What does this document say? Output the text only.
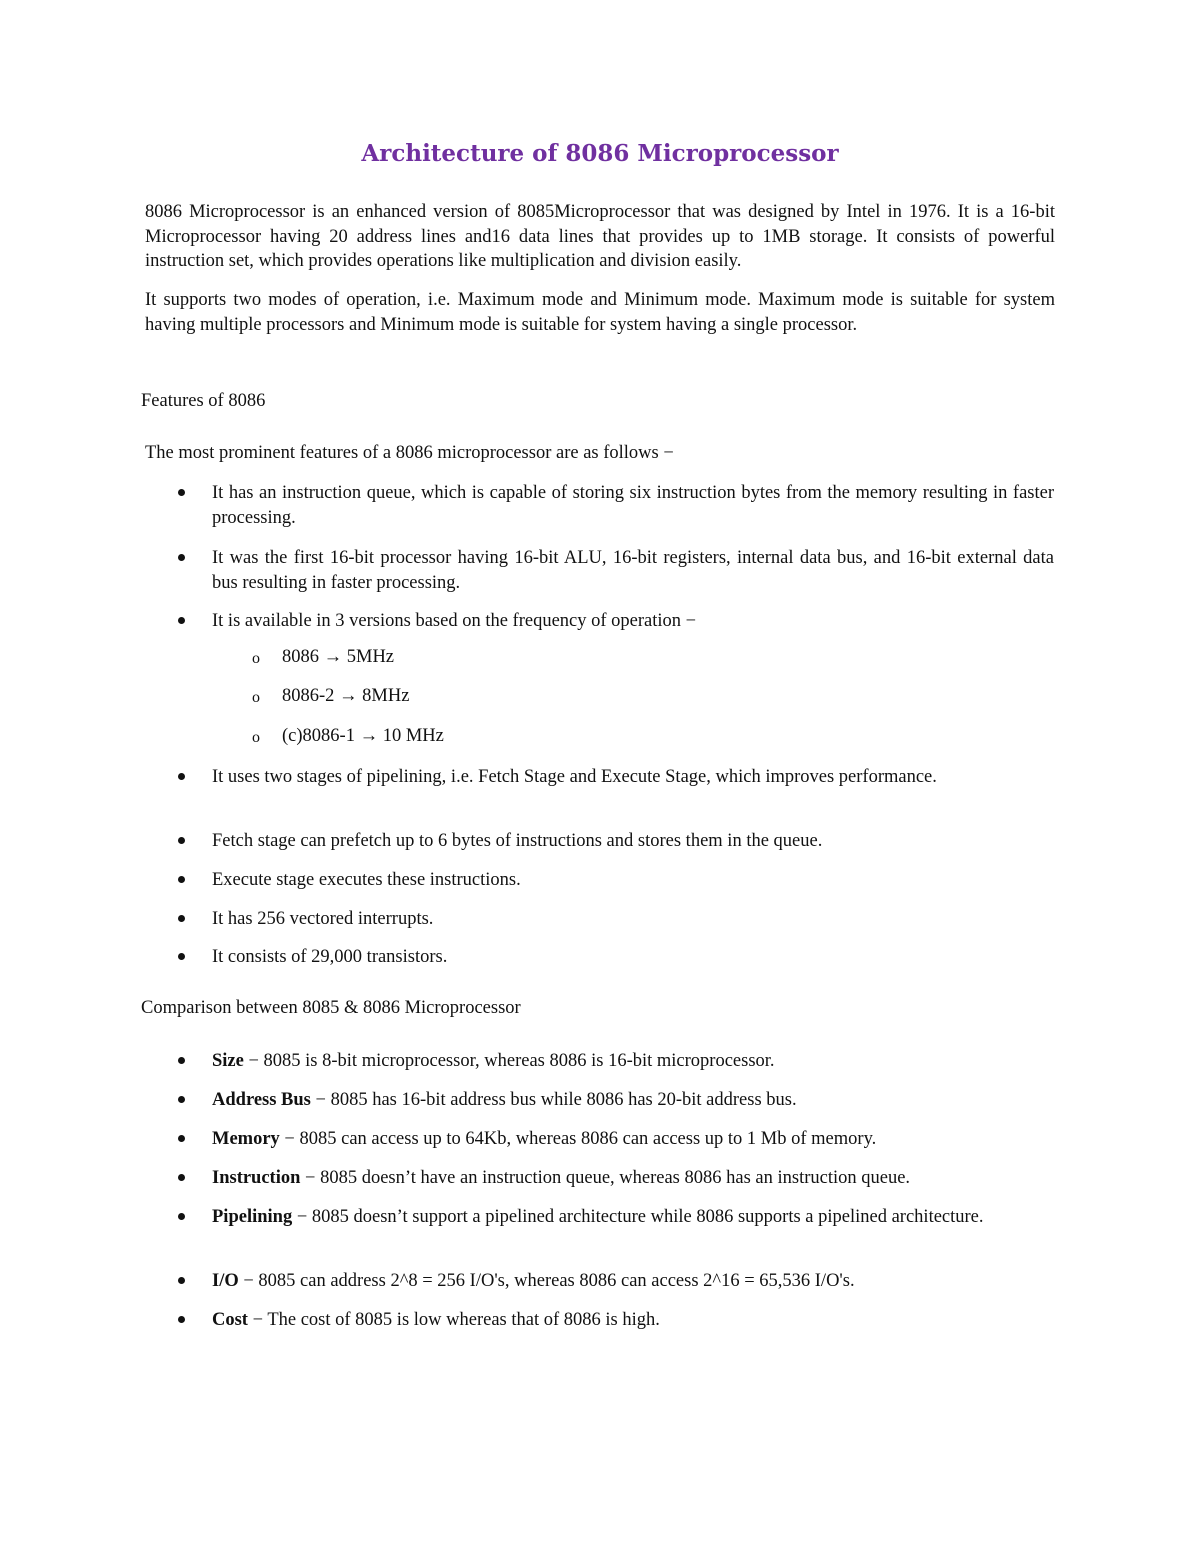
Architecture of 8086 Microprocessor

8086 Microprocessor is an enhanced version of 8085Microprocessor that was designed by Intel in 1976. It is a 16-bit Microprocessor having 20 address lines and16 data lines that provides up to 1MB storage. It consists of powerful instruction set, which provides operations like multiplication and division easily.

It supports two modes of operation, i.e. Maximum mode and Minimum mode. Maximum mode is suitable for system having multiple processors and Minimum mode is suitable for system having a single processor.

Features of 8086

The most prominent features of a 8086 microprocessor are as follows −

It has an instruction queue, which is capable of storing six instruction bytes from the memory resulting in faster processing.

It was the first 16-bit processor having 16-bit ALU, 16-bit registers, internal data bus, and 16-bit external data bus resulting in faster processing.

It is available in 3 versions based on the frequency of operation −

o 8086 → 5MHz

o 8086-2 → 8MHz

o (c)8086-1 → 10 MHz

It uses two stages of pipelining, i.e. Fetch Stage and Execute Stage, which improves performance.

Fetch stage can prefetch up to 6 bytes of instructions and stores them in the queue.

Execute stage executes these instructions.

It has 256 vectored interrupts.

It consists of 29,000 transistors.

Comparison between 8085 & 8086 Microprocessor

Size − 8085 is 8-bit microprocessor, whereas 8086 is 16-bit microprocessor.

Address Bus − 8085 has 16-bit address bus while 8086 has 20-bit address bus.

Memory − 8085 can access up to 64Kb, whereas 8086 can access up to 1 Mb of memory.

Instruction − 8085 doesn’t have an instruction queue, whereas 8086 has an instruction queue.

Pipelining − 8085 doesn’t support a pipelined architecture while 8086 supports a pipelined architecture.

I/O − 8085 can address 2^8 = 256 I/O's, whereas 8086 can access 2^16 = 65,536 I/O's.

Cost − The cost of 8085 is low whereas that of 8086 is high.
